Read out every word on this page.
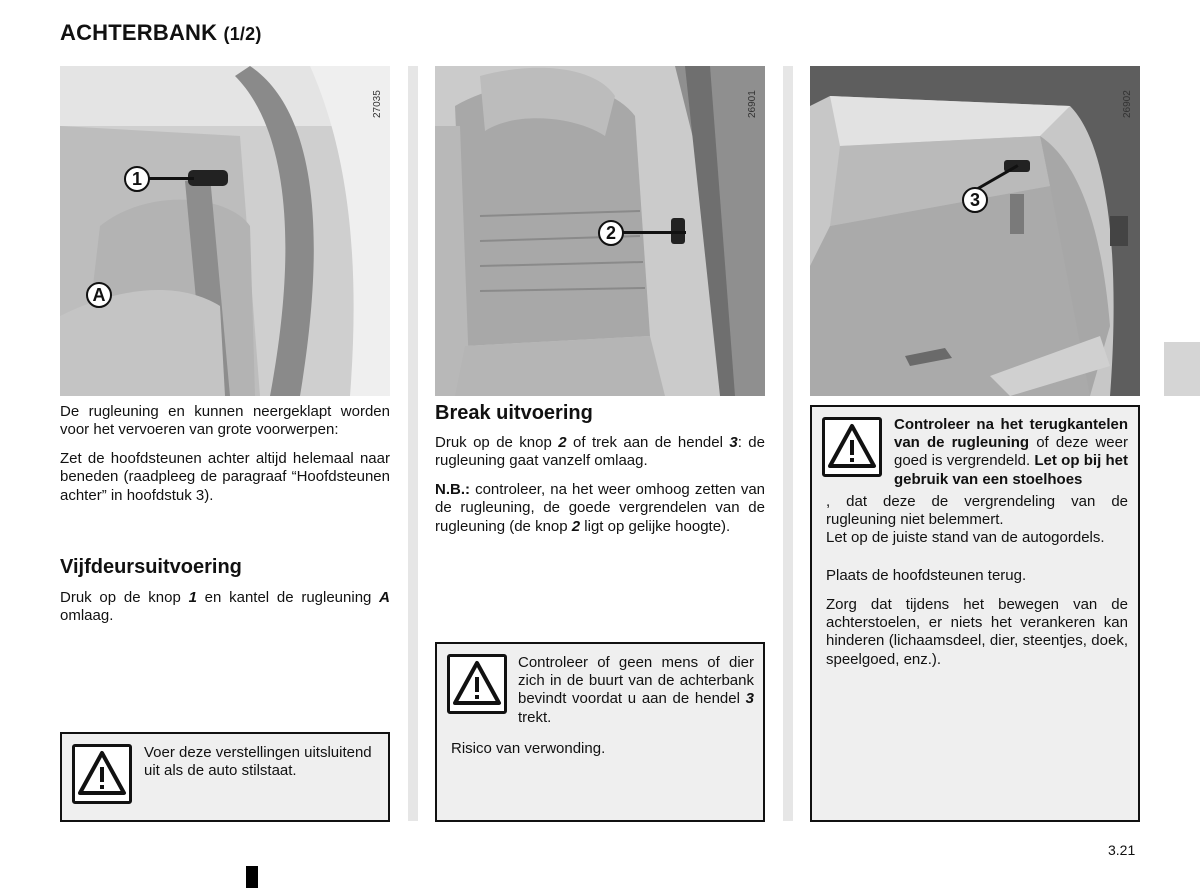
ACHTERBANK (1/2)
27035
1
A
26901
2
26902
3

De rugleuning en kunnen neergeklapt worden voor het vervoeren van grote voorwerpen:

Zet de hoofdsteunen achter altijd helemaal naar beneden (raadpleeg de paragraaf “Hoofdsteunen achter” in hoofdstuk 3).

Vijfdeursuitvoering

Druk op de knop 1 en kantel de rugleuning A omlaag.

Voer deze verstellingen uitsluitend uit als de auto stilstaat.
Break uitvoering

Druk op de knop 2 of trek aan de hendel 3: de rugleuning gaat vanzelf omlaag.

N.B.: controleer, na het weer omhoog zetten van de rugleuning, de goede vergrendelen van de rugleuning (de knop 2 ligt op gelijke hoogte).

Controleer of geen mens of dier zich in de buurt van de achterbank bevindt voordat u aan de hendel 3 trekt.
Risico van verwonding.
Controleer na het terugkantelen van de rugleuning of deze weer goed is vergrendeld. Let op bij het gebruik van een stoelhoes
, dat deze de vergrendeling van de rugleuning niet belemmert.
Let op de juiste stand van de autogordels.
Plaats de hoofdsteunen terug.
Zorg dat tijdens het bewegen van de achterstoelen, er niets het verankeren kan hinderen (lichaamsdeel, dier, steentjes, doek, speelgoed, enz.).
3.21
